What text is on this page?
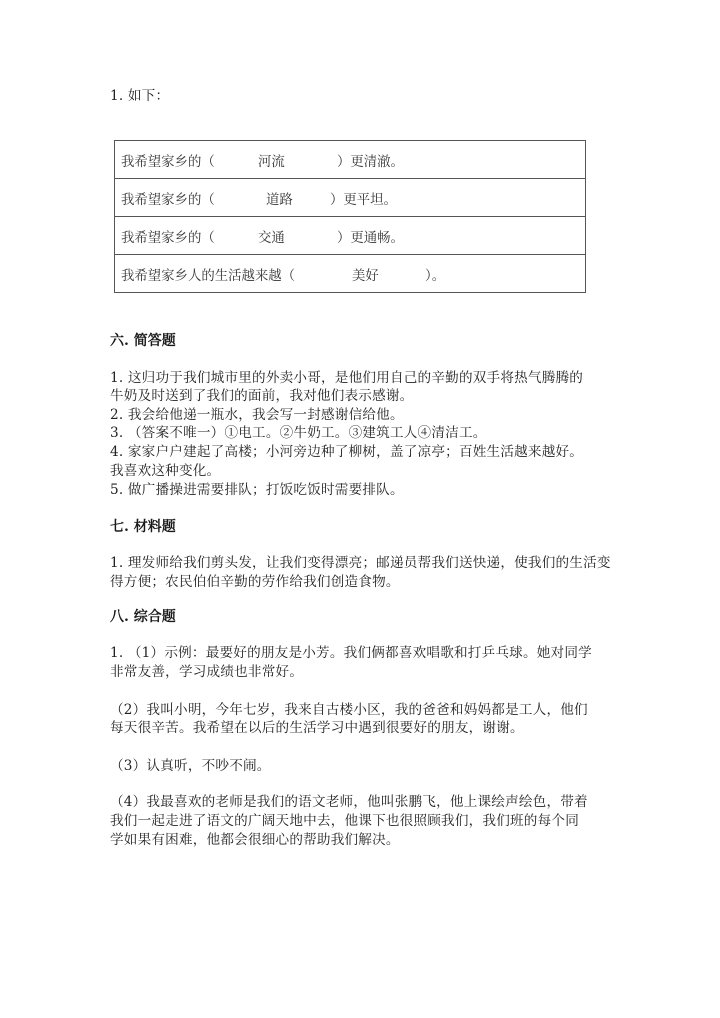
1. 如下：
我希望家乡的（	河流	）更清澈。
我希望家乡的（	道路	）更平坦。
我希望家乡的（	交通	）更通畅。
我希望家乡人的生活越来越（	美好	）。
六. 简答题
1. 这归功于我们城市里的外卖小哥，是他们用自己的辛勤的双手将热气腾腾的
牛奶及时送到了我们的面前，我对他们表示感谢。
2. 我会给他递一瓶水，我会写一封感谢信给他。
3. （答案不唯一）①电工。②牛奶工。③建筑工人④清洁工。
4. 家家户户建起了高楼；小河旁边种了柳树，盖了凉亭；百姓生活越来越好。
我喜欢这种变化。
5. 做广播操进需要排队；打饭吃饭时需要排队。
七. 材料题
1. 理发师给我们剪头发，让我们变得漂亮；邮递员帮我们送快递，使我们的生活变
得方便；农民伯伯辛勤的劳作给我们创造食物。
八. 综合题
1. （1）示例：最要好的朋友是小芳。我们俩都喜欢唱歌和打乒乓球。她对同学
非常友善，学习成绩也非常好。
（2）我叫小明，今年七岁，我来自古楼小区，我的爸爸和妈妈都是工人，他们
每天很辛苦。我希望在以后的生活学习中遇到很要好的朋友，谢谢。
（3）认真听，不吵不闹。
（4）我最喜欢的老师是我们的语文老师，他叫张鹏飞，他上课绘声绘色，带着
我们一起走进了语文的广阔天地中去，他课下也很照顾我们，我们班的每个同
学如果有困难，他都会很细心的帮助我们解决。
